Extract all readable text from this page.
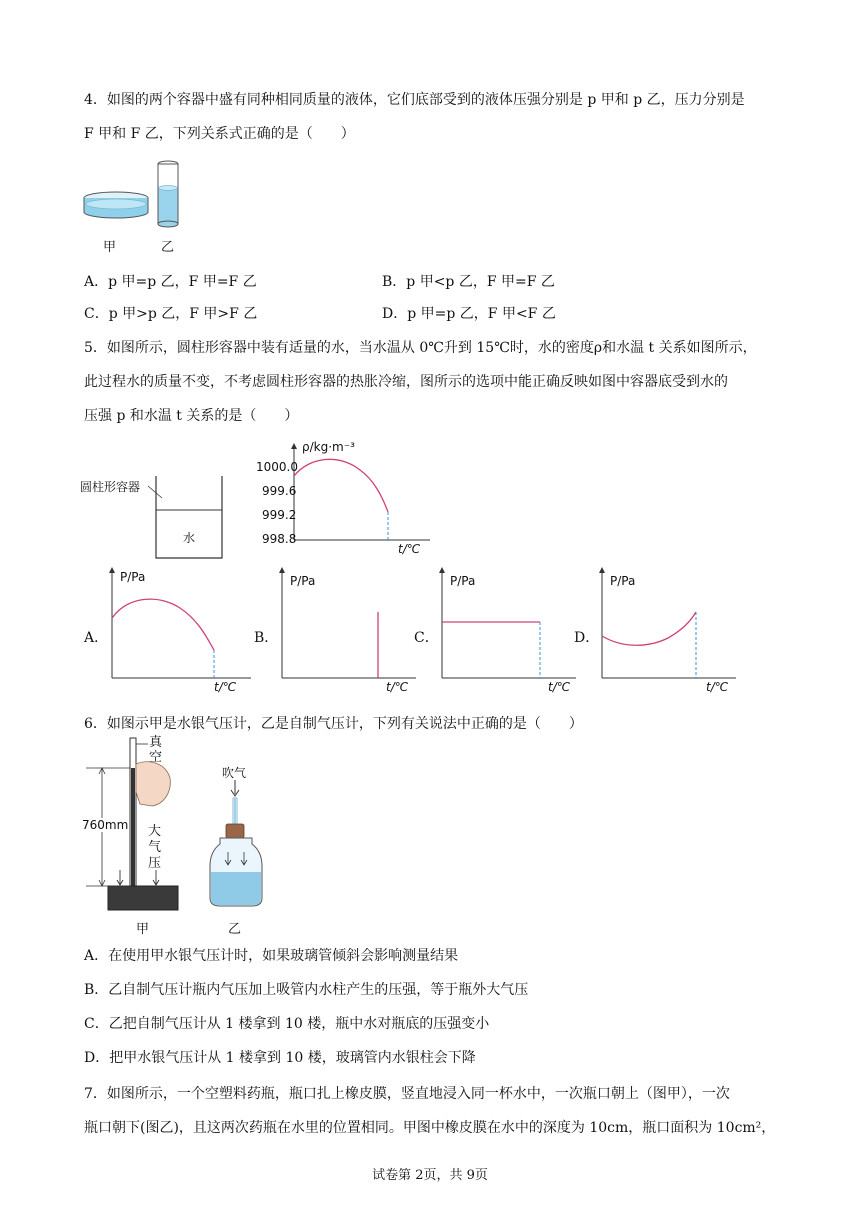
4．如图的两个容器中盛有同种相同质量的液体，它们底部受到的液体压强分别是 p 甲和 p 乙，压力分别是
F 甲和 F 乙，下列关系式正确的是（　　）
甲	乙
A．p 甲=p 乙，F 甲=F 乙	B．p 甲<p 乙，F 甲=F 乙
C．p 甲>p 乙，F 甲>F 乙	D．p 甲=p 乙，F 甲<F 乙
5．如图所示，圆柱形容器中装有适量的水，当水温从 0℃升到 15℃时，水的密度ρ和水温 t 关系如图所示，
此过程水的质量不变，不考虑圆柱形容器的热胀冷缩，图所示的选项中能正确反映如图中容器底受到水的
压强 p 和水温 t 关系的是（　　）
圆柱形容器
水
ρ/kg·m⁻³
1000.0
999.6
999.2
998.8
t/℃
A．	B．	C．	D．
P/Pa	P/Pa	P/Pa	P/Pa
t/℃	t/℃	t/℃	t/℃
6．如图示甲是水银气压计，乙是自制气压计，下列有关说法中正确的是（　　）
真空
760mm 大
气
压
吹气
甲	乙
A．在使用甲水银气压计时，如果玻璃管倾斜会影响测量结果
B．乙自制气压计瓶内气压加上吸管内水柱产生的压强，等于瓶外大气压
C．乙把自制气压计从 1 楼拿到 10 楼，瓶中水对瓶底的压强变小
D．把甲水银气压计从 1 楼拿到 10 楼，玻璃管内水银柱会下降
7．如图所示，一个空塑料药瓶，瓶口扎上橡皮膜，竖直地浸入同一杯水中，一次瓶口朝上（图甲），一次
瓶口朝下(图乙)，且这两次药瓶在水里的位置相同。甲图中橡皮膜在水中的深度为 10cm，瓶口面积为 10cm²，
试卷第 2页，共 9页
